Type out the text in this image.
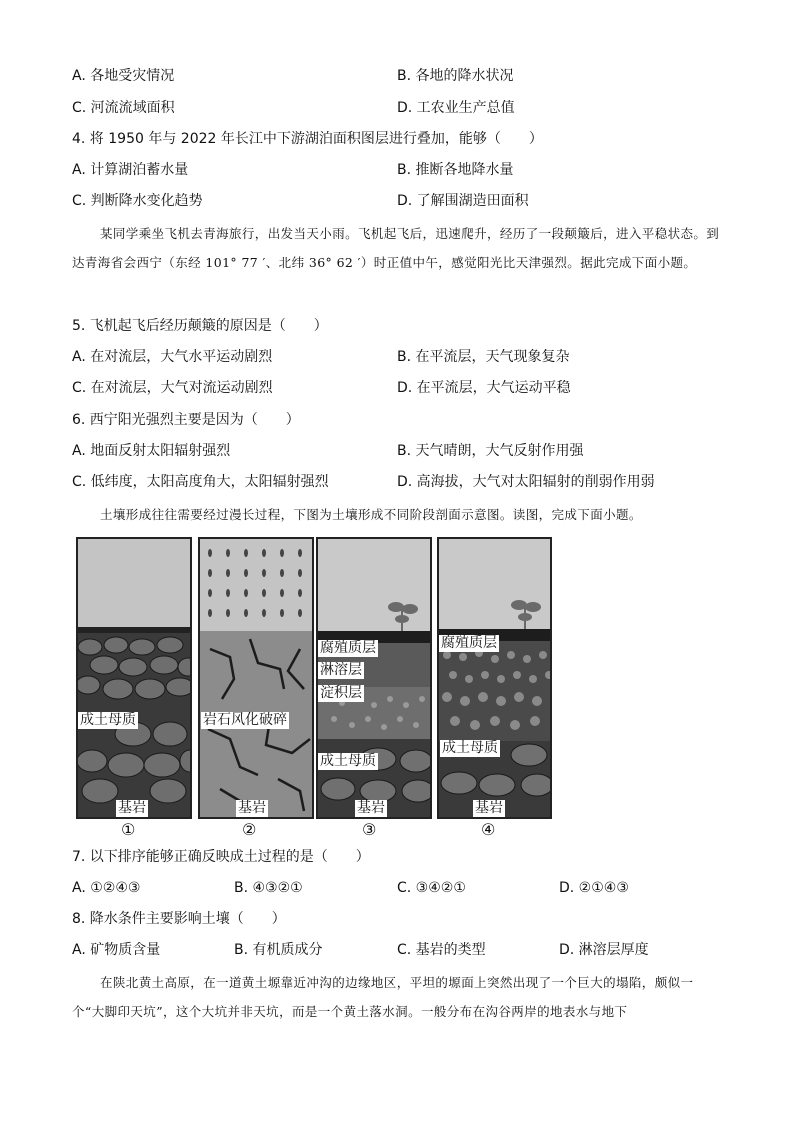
A. 各地受灾情况	B. 各地的降水状况
C. 河流流域面积	D. 工农业生产总值
4. 将 1950 年与 2022 年长江中下游湖泊面积图层进行叠加，能够（　　）
A. 计算湖泊蓄水量	B. 推断各地降水量
C. 判断降水变化趋势	D. 了解围湖造田面积
某同学乘坐飞机去青海旅行，出发当天小雨。飞机起飞后，迅速爬升，经历了一段颠簸后，进入平稳状态。到达青海省会西宁（东经 101° 77 ′、北纬 36° 62 ′）时正值中午，感觉阳光比天津强烈。据此完成下面小题。
5. 飞机起飞后经历颠簸的原因是（　　）
A. 在对流层，大气水平运动剧烈	B. 在平流层，天气现象复杂
C. 在对流层，大气对流运动剧烈	D. 在平流层，大气运动平稳
6. 西宁阳光强烈主要是因为（　　）
A. 地面反射太阳辐射强烈	B. 天气晴朗，大气反射作用强
C. 低纬度，太阳高度角大，太阳辐射强烈	D. 高海拔，大气对太阳辐射的削弱作用弱
土壤形成往往需要经过漫长过程，下图为土壤形成不同阶段剖面示意图。读图，完成下面小题。
成土母质
基岩
岩石风化破碎
基岩
腐殖质层
淋溶层
淀积层
成土母质
基岩
腐殖质层
成土母质
基岩
①	②	③	④
7. 以下排序能够正确反映成土过程的是（　　）
A. ①②④③	B. ④③②①	C. ③④②①	D. ②①④③
8. 降水条件主要影响土壤（　　）
A. 矿物质含量	B. 有机质成分	C. 基岩的类型	D. 淋溶层厚度
在陕北黄土高原，在一道黄土塬靠近冲沟的边缘地区，平坦的塬面上突然出现了一个巨大的塌陷，颇似一个“大脚印天坑”，这个大坑并非天坑，而是一个黄土落水洞。一般分布在沟谷两岸的地表水与地下
